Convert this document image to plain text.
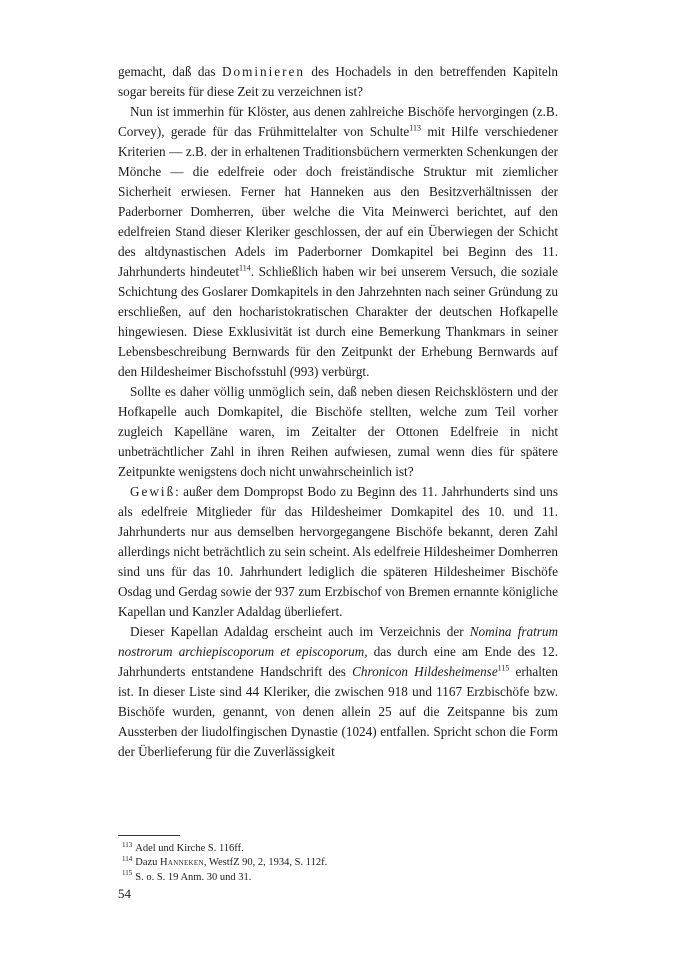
gemacht, daß das Dominieren des Hochadels in den betreffenden Kapiteln sogar bereits für diese Zeit zu verzeichnen ist?

Nun ist immerhin für Klöster, aus denen zahlreiche Bischöfe hervorgingen (z.B. Corvey), gerade für das Frühmittelalter von Schulte$^{113}$ mit Hilfe verschiedener Kriterien — z.B. der in erhaltenen Traditionsbüchern vermerkten Schenkungen der Mönche — die edelfreie oder doch freiständische Struktur mit ziemlicher Sicherheit erwiesen. Ferner hat Hanneken aus den Besitzverhältnissen der Paderborner Domherren, über welche die Vita Meinwerci berichtet, auf den edelfreien Stand dieser Kleriker geschlossen, der auf ein Überwiegen der Schicht des altdynastischen Adels im Paderborner Domkapitel bei Beginn des 11. Jahrhunderts hindeutet$^{114}$. Schließlich haben wir bei unserem Versuch, die soziale Schichtung des Goslarer Domkapitels in den Jahrzehnten nach seiner Gründung zu erschließen, auf den hocharistokratischen Charakter der deutschen Hofkapelle hingewiesen. Diese Exklusivität ist durch eine Bemerkung Thankmars in seiner Lebensbeschreibung Bernwards für den Zeitpunkt der Erhebung Bernwards auf den Hildesheimer Bischofsstuhl (993) verbürgt.

Sollte es daher völlig unmöglich sein, daß neben diesen Reichsklöstern und der Hofkapelle auch Domkapitel, die Bischöfe stellten, welche zum Teil vorher zugleich Kapelläne waren, im Zeitalter der Ottonen Edelfreie in nicht unbeträchtlicher Zahl in ihren Reihen aufwiesen, zumal wenn dies für spätere Zeitpunkte wenigstens doch nicht unwahrscheinlich ist?

Gewiß: außer dem Dompropst Bodo zu Beginn des 11. Jahrhunderts sind uns als edelfreie Mitglieder für das Hildesheimer Domkapitel des 10. und 11. Jahrhunderts nur aus demselben hervorgegangene Bischöfe bekannt, deren Zahl allerdings nicht beträchtlich zu sein scheint. Als edelfreie Hildesheimer Domherren sind uns für das 10. Jahrhundert lediglich die späteren Hildesheimer Bischöfe Osdag und Gerdag sowie der 937 zum Erzbischof von Bremen ernannte königliche Kapellan und Kanzler Adaldag überliefert.

Dieser Kapellan Adaldag erscheint auch im Verzeichnis der Nomina fratrum nostrorum archiepiscoporum et episcoporum, das durch eine am Ende des 12. Jahrhunderts entstandene Handschrift des Chronicon Hildesheimense$^{115}$ erhalten ist. In dieser Liste sind 44 Kleriker, die zwischen 918 und 1167 Erzbischöfe bzw. Bischöfe wurden, genannt, von denen allein 25 auf die Zeitspanne bis zum Aussterben der liudolfingischen Dynastie (1024) entfallen. Spricht schon die Form der Überlieferung für die Zuverlässigkeit

$^{113}$ Adel und Kirche S. 116ff.
$^{114}$ Dazu Hanneken, WestfZ 90, 2, 1934, S. 112f.
$^{115}$ S. o. S. 19 Anm. 30 und 31.
54
